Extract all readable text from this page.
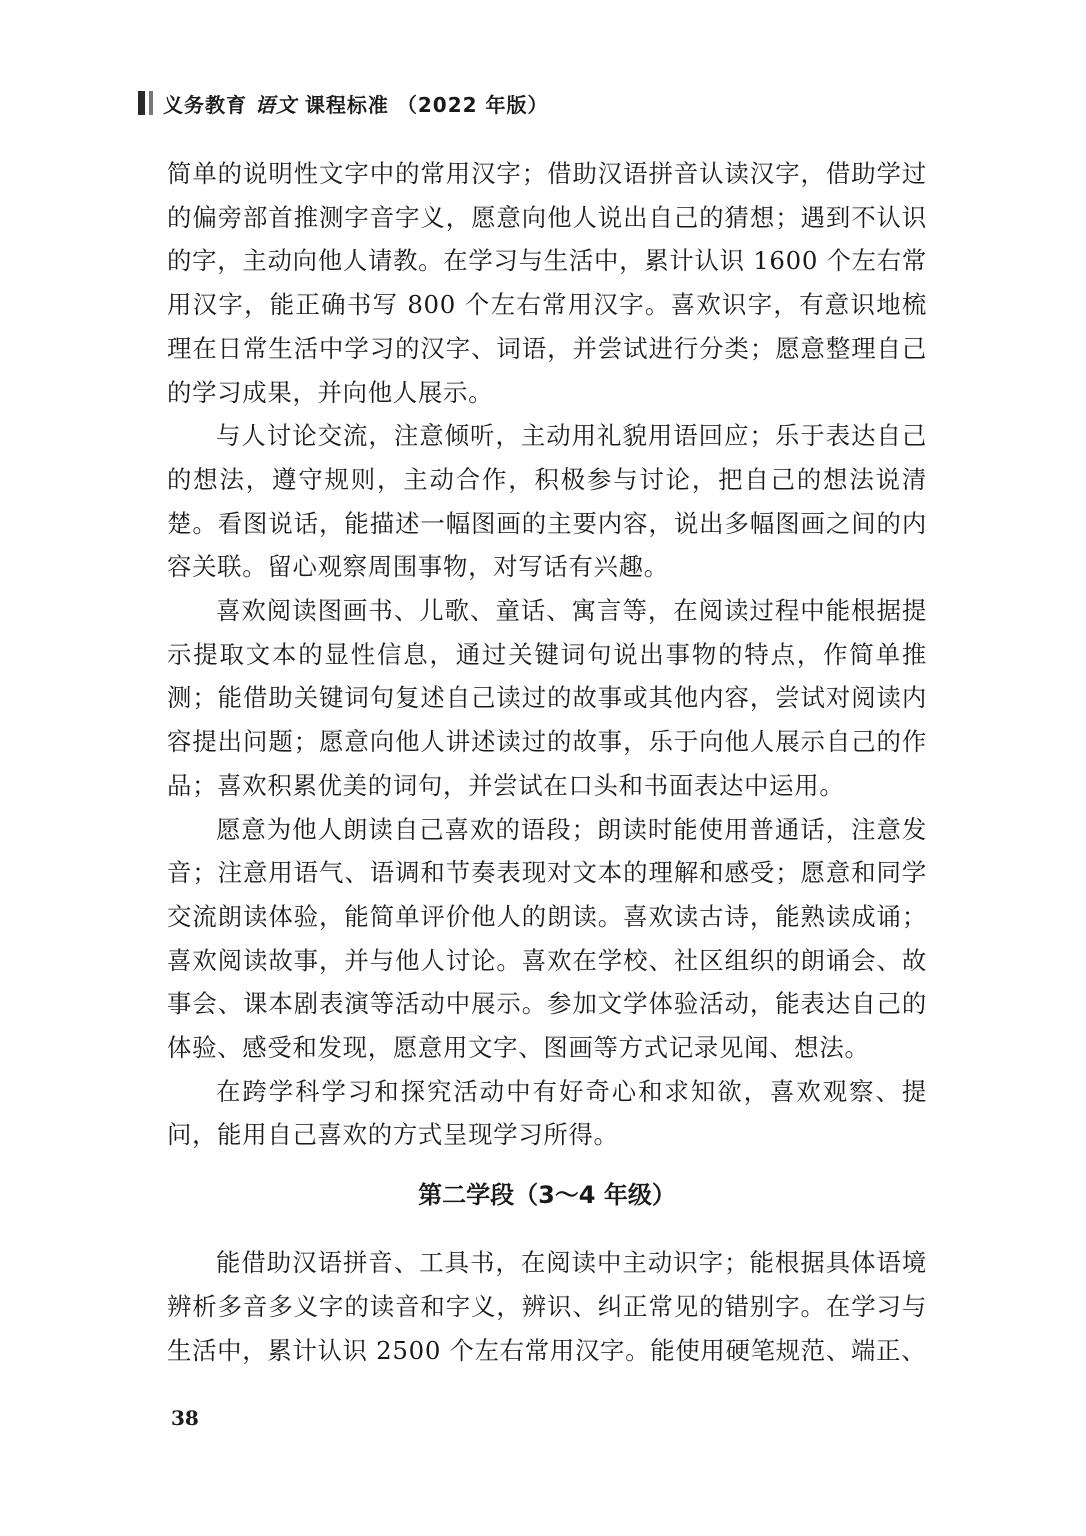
义务教育 语文 课程标准 （2022 年版）

简单的说明性文字中的常用汉字；借助汉语拼音认读汉字，借助学过的偏旁部首推测字音字义，愿意向他人说出自己的猜想；遇到不认识的字，主动向他人请教。在学习与生活中，累计认识 1600 个左右常用汉字，能正确书写 800 个左右常用汉字。喜欢识字，有意识地梳理在日常生活中学习的汉字、词语，并尝试进行分类；愿意整理自己的学习成果，并向他人展示。

与人讨论交流，注意倾听，主动用礼貌用语回应；乐于表达自己的想法，遵守规则，主动合作，积极参与讨论，把自己的想法说清楚。看图说话，能描述一幅图画的主要内容，说出多幅图画之间的内容关联。留心观察周围事物，对写话有兴趣。

喜欢阅读图画书、儿歌、童话、寓言等，在阅读过程中能根据提示提取文本的显性信息，通过关键词句说出事物的特点，作简单推测；能借助关键词句复述自己读过的故事或其他内容，尝试对阅读内容提出问题；愿意向他人讲述读过的故事，乐于向他人展示自己的作品；喜欢积累优美的词句，并尝试在口头和书面表达中运用。

愿意为他人朗读自己喜欢的语段；朗读时能使用普通话，注意发音；注意用语气、语调和节奏表现对文本的理解和感受；愿意和同学交流朗读体验，能简单评价他人的朗读。喜欢读古诗，能熟读成诵；喜欢阅读故事，并与他人讨论。喜欢在学校、社区组织的朗诵会、故事会、课本剧表演等活动中展示。参加文学体验活动，能表达自己的体验、感受和发现，愿意用文字、图画等方式记录见闻、想法。

在跨学科学习和探究活动中有好奇心和求知欲，喜欢观察、提问，能用自己喜欢的方式呈现学习所得。

第二学段（3～4 年级）

能借助汉语拼音、工具书，在阅读中主动识字；能根据具体语境辨析多音多义字的读音和字义，辨识、纠正常见的错别字。在学习与生活中，累计认识 2500 个左右常用汉字。能使用硬笔规范、端正、

38
